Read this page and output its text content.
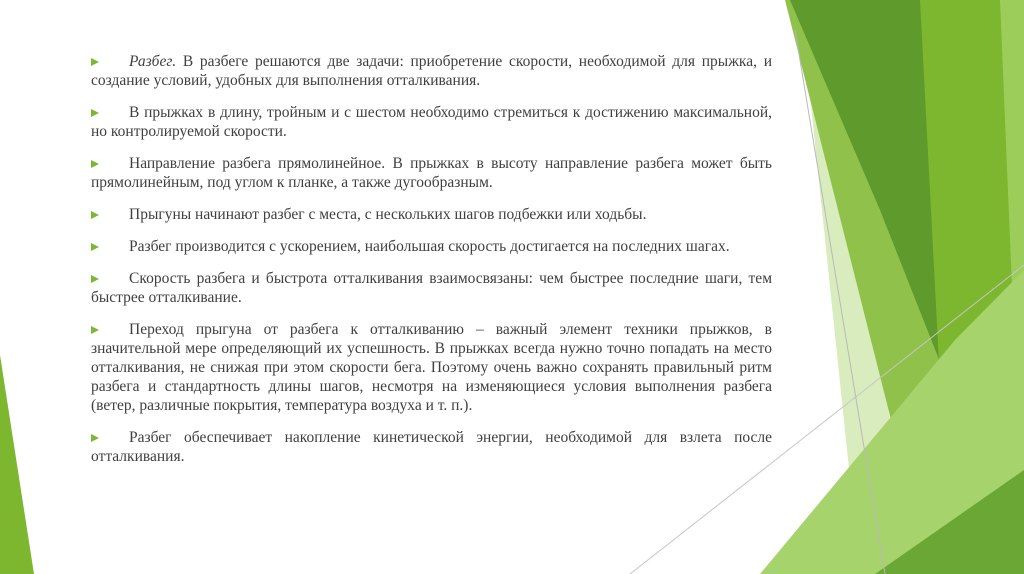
Разбег. В разбеге решаются две задачи: приобретение скорости, необходимой для прыжка, и создание условий, удобных для выполнения отталкивания.
В прыжках в длину, тройным и с шестом необходимо стремиться к достижению максимальной, но контролируемой скорости.
Направление разбега прямолинейное. В прыжках в высоту направление разбега может быть прямолинейным, под углом к планке, а также дугообразным.
Прыгуны начинают разбег с места, с нескольких шагов подбежки или ходьбы.
Разбег производится с ускорением, наибольшая скорость достигается на последних шагах.
Скорость разбега и быстрота отталкивания взаимосвязаны: чем быстрее последние шаги, тем быстрее отталкивание.
Переход прыгуна от разбега к отталкиванию – важный элемент техники прыжков, в значительной мере определяющий их успешность. В прыжках всегда нужно точно попадать на место отталкивания, не снижая при этом скорости бега. Поэтому очень важно сохранять правильный ритм разбега и стандартность длины шагов, несмотря на изменяющиеся условия выполнения разбега (ветер, различные покрытия, температура воздуха и т. п.).
Разбег обеспечивает накопление кинетической энергии, необходимой для взлета после отталкивания.
